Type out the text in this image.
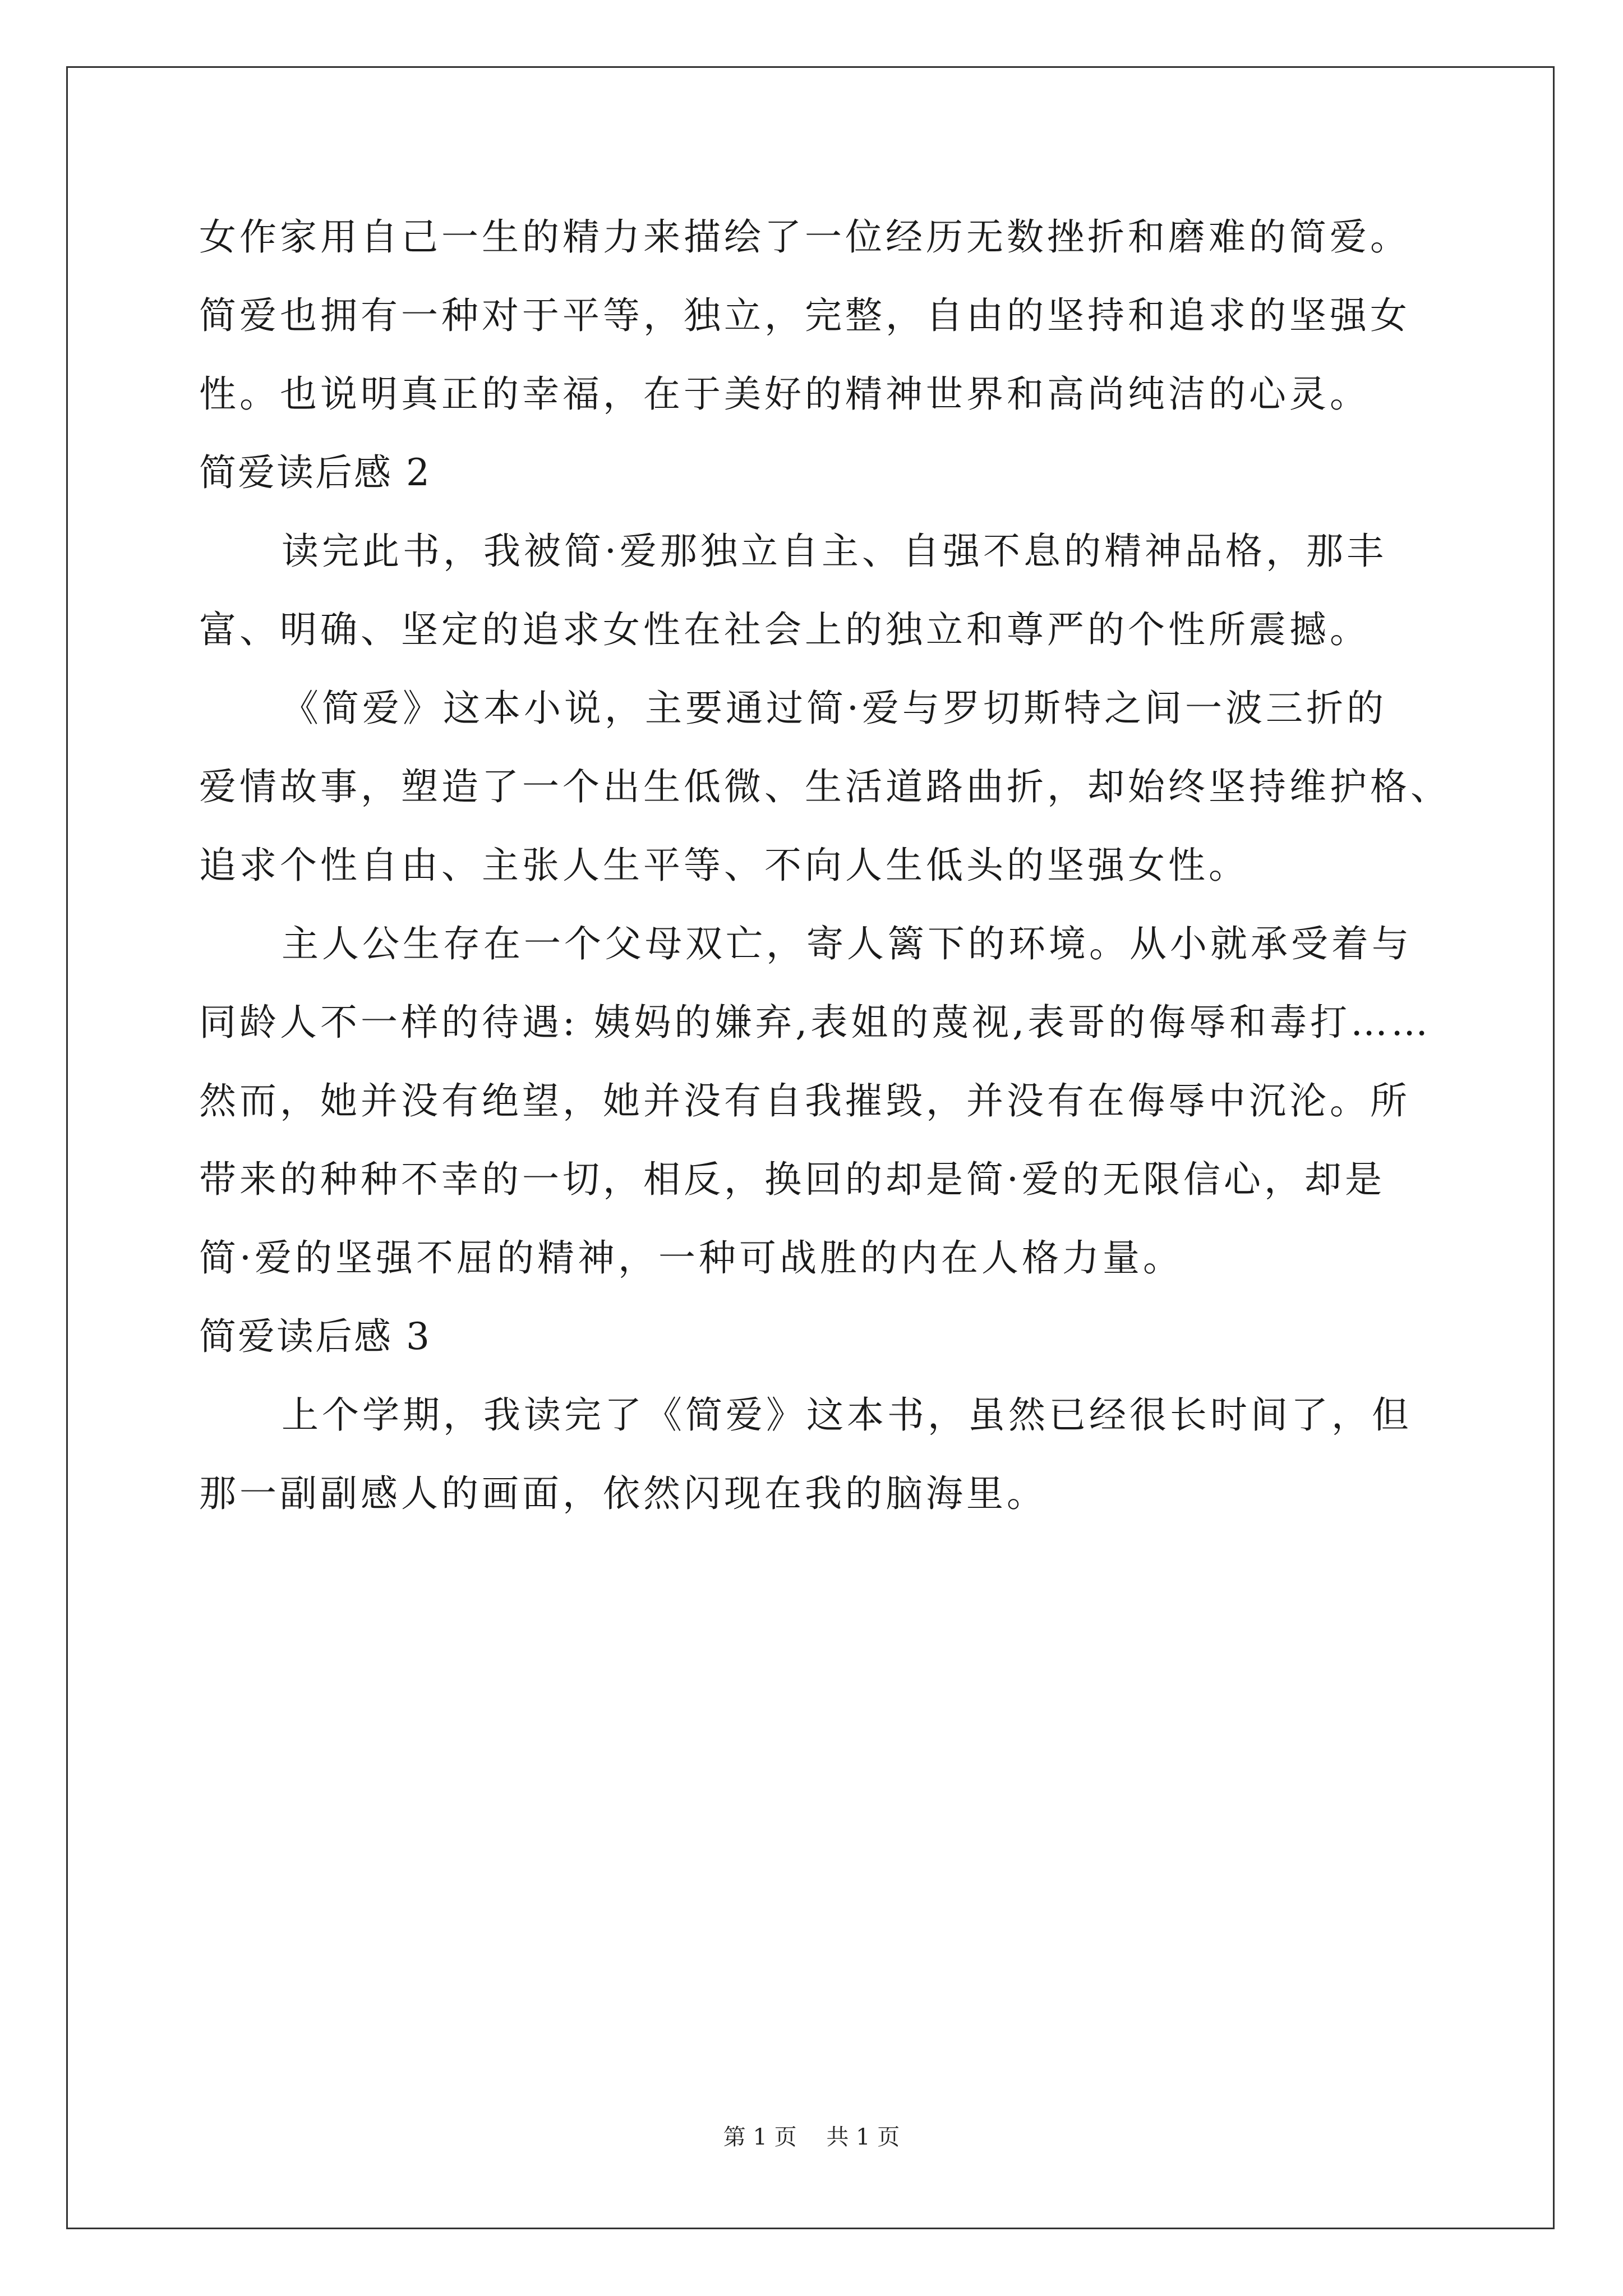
女作家用自己一生的精力来描绘了一位经历无数挫折和磨难的简爱。
简爱也拥有一种对于平等，独立，完整，自由的坚持和追求的坚强女
性。也说明真正的幸福，在于美好的精神世界和高尚纯洁的心灵。
简爱读后感 2
读完此书，我被简·爱那独立自主、自强不息的精神品格，那丰
富、明确、坚定的追求女性在社会上的独立和尊严的个性所震撼。
《简爱》这本小说，主要通过简·爱与罗切斯特之间一波三折的
爱情故事，塑造了一个出生低微、生活道路曲折，却始终坚持维护格、
追求个性自由、主张人生平等、不向人生低头的坚强女性。
主人公生存在一个父母双亡，寄人篱下的环境。从小就承受着与
同龄人不一样的待遇: 姨妈的嫌弃,表姐的蔑视,表哥的侮辱和毒打……
然而，她并没有绝望，她并没有自我摧毁，并没有在侮辱中沉沦。所
带来的种种不幸的一切，相反，换回的却是简·爱的无限信心，却是
简·爱的坚强不屈的精神，一种可战胜的内在人格力量。
简爱读后感 3
上个学期，我读完了《简爱》这本书，虽然已经很长时间了，但
那一副副感人的画面，依然闪现在我的脑海里。
第 1 页 共 1 页
